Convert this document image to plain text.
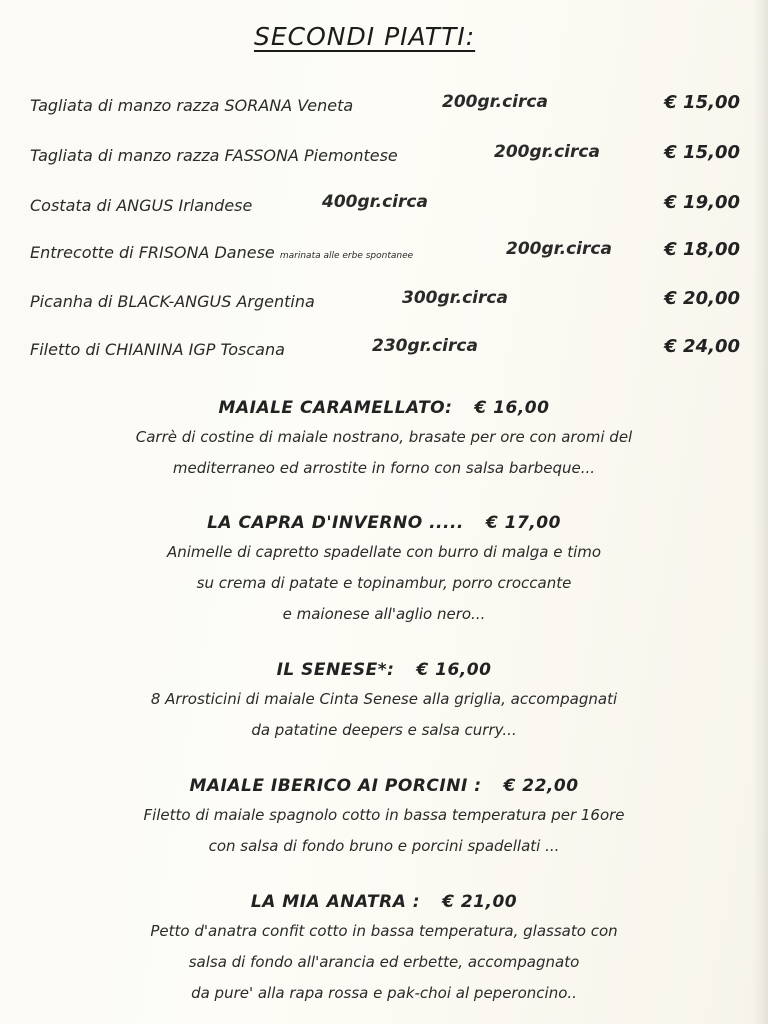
SECONDI PIATTI:
Tagliata di manzo razza SORANA Veneta	200gr.circa	€ 15,00
Tagliata di manzo razza FASSONA Piemontese	200gr.circa	€ 15,00
Costata di ANGUS Irlandese	400gr.circa	€ 19,00
Entrecotte di FRISONA Danese marinata alle erbe spontanee	200gr.circa	€ 18,00
Picanha di BLACK-ANGUS Argentina	300gr.circa	€ 20,00
Filetto di CHIANINA IGP Toscana	230gr.circa	€ 24,00
MAIALE CARAMELLATO: € 16,00
Carrè di costine di maiale nostrano, brasate per ore con aromi del
mediterraneo ed arrostite in forno con salsa barbeque...
LA CAPRA D'INVERNO ..... € 17,00
Animelle di capretto spadellate con burro di malga e timo
su crema di patate e topinambur, porro croccante
e maionese all'aglio nero...
IL SENESE*: € 16,00
8 Arrosticini di maiale Cinta Senese alla griglia, accompagnati
da patatine deepers e salsa curry...
MAIALE IBERICO AI PORCINI : € 22,00
Filetto di maiale spagnolo cotto in bassa temperatura per 16ore
con salsa di fondo bruno e porcini spadellati ...
LA MIA ANATRA : € 21,00
Petto d'anatra confit cotto in bassa temperatura, glassato con
salsa di fondo all'arancia ed erbette, accompagnato
da pure' alla rapa rossa e pak-choi al peperoncino..
